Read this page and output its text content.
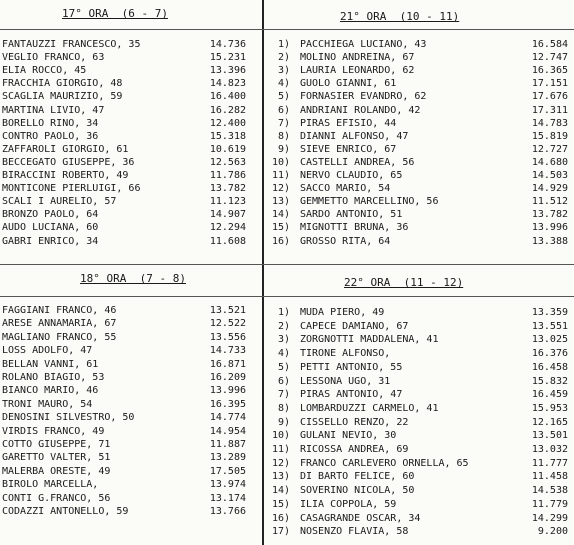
17° ORA  (6 - 7)
FANTAUZZI FRANCESCO, 35	14.736
VEGLIO FRANCO, 63	15.231
ELIA ROCCO, 45	13.396
FRACCHIA GIORGIO, 48	14.823
SCAGLIA MAURIZIO, 59	16.400
MARTINA LIVIO, 47	16.282
BORELLO RINO, 34	12.400
CONTRO PAOLO, 36	15.318
ZAFFAROLI GIORGIO, 61	10.619
BECCEGATO GIUSEPPE, 36	12.563
BIRACCINI ROBERTO, 49	11.786
MONTICONE PIERLUIGI, 66	13.782
SCALI I AURELIO, 57	11.123
BRONZO PAOLO, 64	14.907
AUDO LUCIANA, 60	12.294
GABRI ENRICO, 34	11.608
21° ORA  (10 - 11)
1) PACCHIEGA LUCIANO, 43	16.584
2) MOLINO ANDREINA, 67	12.747
3) LAURIA LEONARDO, 62	16.365
4) GUOLO GIANNI, 61	17.151
5) FORNASIER EVANDRO, 62	17.676
6) ANDRIANI ROLANDO, 42	17.311
7) PIRAS EFISIO, 44	14.783
8) DIANNI ALFONSO, 47	15.819
9) SIEVE ENRICO, 67	12.727
10) CASTELLI ANDREA, 56	14.680
11) NERVO CLAUDIO, 65	14.503
12) SACCO MARIO, 54	14.929
13) GEMMETTO MARCELLINO, 56	11.512
14) SARDO ANTONIO, 51	13.782
15) MIGNOTTI BRUNA, 36	13.996
16) GROSSO RITA, 64	13.388
18° ORA  (7 - 8)
FAGGIANI FRANCO, 46	13.521
ARESE ANNAMARIA, 67	12.522
MAGLIANO FRANCO, 55	13.556
LOSS ADOLFO, 47	14.733
BELLAN VANNI, 61	16.871
ROLANO BIAGIO, 53	16.209
BIANCO MARIO, 46	13.996
TRONI MAURO, 54	16.395
DENOSINI SILVESTRO, 50	14.774
VIRDIS FRANCO, 49	14.954
COTTO GIUSEPPE, 71	11.887
GARETTO VALTER, 51	13.289
MALERBA ORESTE, 49	17.505
BIROLO MARCELLA,	13.974
CONTI G.FRANCO, 56	13.174
CODAZZI ANTONELLO, 59	13.766
22° ORA  (11 - 12)
1) MUDA PIERO, 49	13.359
2) CAPECE DAMIANO, 67	13.551
3) ZORGNOTTI MADDALENA, 41	13.025
4) TIRONE ALFONSO,	16.376
5) PETTI ANTONIO, 55	16.458
6) LESSONA UGO, 31	15.832
7) PIRAS ANTONIO, 47	16.459
8) LOMBARDUZZI CARMELO, 41	15.953
9) CISSELLO RENZO, 22	12.165
10) GULANI NEVIO, 30	13.501
11) RICOSSA ANDREA, 69	13.032
12) FRANCO CARLEVERO ORNELLA, 65	11.777
13) DI BARTO FELICE, 60	11.458
14) SOVERINO NICOLA, 50	14.538
15) ILIA COPPOLA, 59	11.779
16) CASAGRANDE OSCAR, 34	14.299
17) NOSENZO FLAVIA, 58	9.200
